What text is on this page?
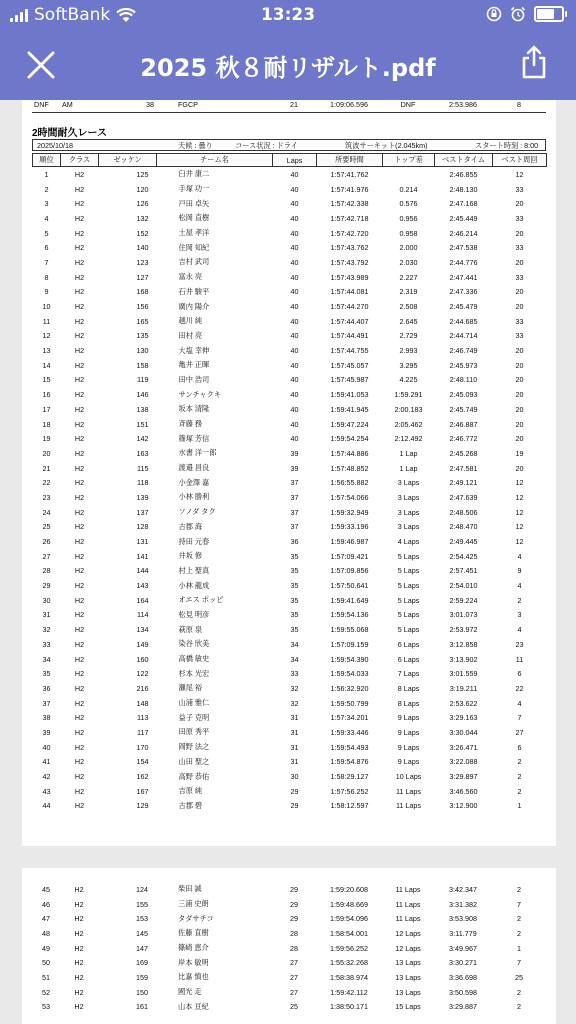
SoftBank	13:23
2025 秋８耐リザルト.pdf
DNF	AM	38	FGCP	21	1:09:06.596	DNF	2:53.986	8
2時間耐久レース
2025/10/18	天候 : 曇り	コース状況 : ドライ	筑波サーキット(2.045km)	スタート時刻 : 8:00
順位	クラス	ゼッケン	チーム名	Laps	所要時間	トップ差	ベストタイム	ベスト周回
1	H2	125	臼井 康二	40	1:57:41.762		2:46.855	12
2	H2	120	手塚 功一	40	1:57:41.976	0.214	2:48.130	33
3	H2	126	戸田 卓矢	40	1:57:42.338	0.576	2:47.168	20
4	H2	132	松岡 直樹	40	1:57:42.718	0.956	2:45.449	33
5	H2	152	土屋 孝洋	40	1:57:42.720	0.958	2:46.214	20
6	H2	140	住岡 知紀	40	1:57:43.762	2.000	2:47.538	33
7	H2	123	吉村 武司	40	1:57:43.792	2.030	2:44.776	20
8	H2	127	富永 亮	40	1:57:43.989	2.227	2:47.441	33
9	H2	168	石井 駿平	40	1:57:44.081	2.319	2:47.336	20
10	H2	156	廣内 陽介	40	1:57:44.270	2.508	2:45.479	20
11	H2	165	越川 純	40	1:57:44.407	2.645	2:44.685	33
12	H2	135	田村 亮	40	1:57:44.491	2.729	2:44.714	33
13	H2	130	大塩 幸伸	40	1:57:44.755	2.993	2:46.749	20
14	H2	158	亀井 正暉	40	1:57:45.057	3.295	2:45.973	20
15	H2	119	田中 浩司	40	1:57:45.987	4.225	2:48.110	20
16	H2	146	サンチャクキ	40	1:59:41.053	1:59.291	2:45.093	20
17	H2	138	坂本 清隆	40	1:59:41.945	2:00.183	2:45.749	20
18	H2	151	斉藤 務	40	1:59:47.224	2:05.462	2:46.887	20
19	H2	142	篠塚 芳信	40	1:59:54.254	2:12.492	2:46.772	20
20	H2	163	水書 洋一郎	39	1:57:44.886	1 Lap	2:45.268	19
21	H2	115	渡邉 昌良	39	1:57:48.852	1 Lap	2:47.581	20
22	H2	118	小金澤 嘉	37	1:56:55.882	3 Laps	2:49.121	12
23	H2	139	小林 勝利	37	1:57:54.066	3 Laps	2:47.639	12
24	H2	137	ソノダ タク	37	1:59:32.949	3 Laps	2:48.506	12
25	H2	128	古郡 海	37	1:59:33.196	3 Laps	2:48.470	12
26	H2	131	持田 元春	36	1:59:46.987	4 Laps	2:49.445	12
27	H2	141	井坂 修	35	1:57:09.421	5 Laps	2:54.425	4
28	H2	144	村上 聖真	35	1:57:09.856	5 Laps	2:57.451	9
29	H2	143	小林 龍成	35	1:57:50.641	5 Laps	2:54.010	4
30	H2	164	オエス ポッピ	35	1:59:41.649	5 Laps	2:59.224	2
31	H2	114	松見 明彦	35	1:59:54.136	5 Laps	3:01.073	3
32	H2	134	萩原 泉	35	1:59:55.068	5 Laps	2:53.972	4
33	H2	149	染谷 欣美	34	1:57:09.159	6 Laps	3:12.858	23
34	H2	160	高橋 敏史	34	1:59:54.390	6 Laps	3:13.902	11
35	H2	122	杉本 光宏	33	1:59:54.033	7 Laps	3:01.559	6
36	H2	216	瀬尾 裕	32	1:56:32.920	8 Laps	3:19.211	22
37	H2	148	山浦 雅仁	32	1:59:50.799	8 Laps	2:53.622	4
38	H2	113	益子 克明	31	1:57:34.201	9 Laps	3:29.163	7
39	H2	117	田原 秀平	31	1:59:33.446	9 Laps	3:30.044	27
40	H2	170	岡野 法之	31	1:59:54.493	9 Laps	3:26.471	6
41	H2	154	山田 聖之	31	1:59:54.876	9 Laps	3:22.088	2
42	H2	162	高野 恭佑	30	1:58:29.127	10 Laps	3:29.897	2
43	H2	167	吉原 純	29	1:57:56.252	11 Laps	3:46.560	2
44	H2	129	古郡 碧	29	1:58:12.597	11 Laps	3:12.900	1
45	H2	124	柴田 誠	29	1:59:20.608	11 Laps	3:42.347	2
46	H2	155	三浦 史朗	29	1:59:48.669	11 Laps	3:31.382	7
47	H2	153	タダサチコ	29	1:59:54.096	11 Laps	3:53.908	2
48	H2	145	佐藤 直樹	28	1:58:54.001	12 Laps	3:11.779	2
49	H2	147	篠崎 恵介	28	1:59:56.252	12 Laps	3:49.967	1
50	H2	169	岸本 敏明	27	1:55:32.268	13 Laps	3:30.271	7
51	H2	159	比嘉 慎也	27	1:58:38.974	13 Laps	3:36.698	25
52	H2	150	國光 走	27	1:59:42.112	13 Laps	3:50.598	2
53	H2	161	山本 亘紀	25	1:38:50.171	15 Laps	3:29.887	2
